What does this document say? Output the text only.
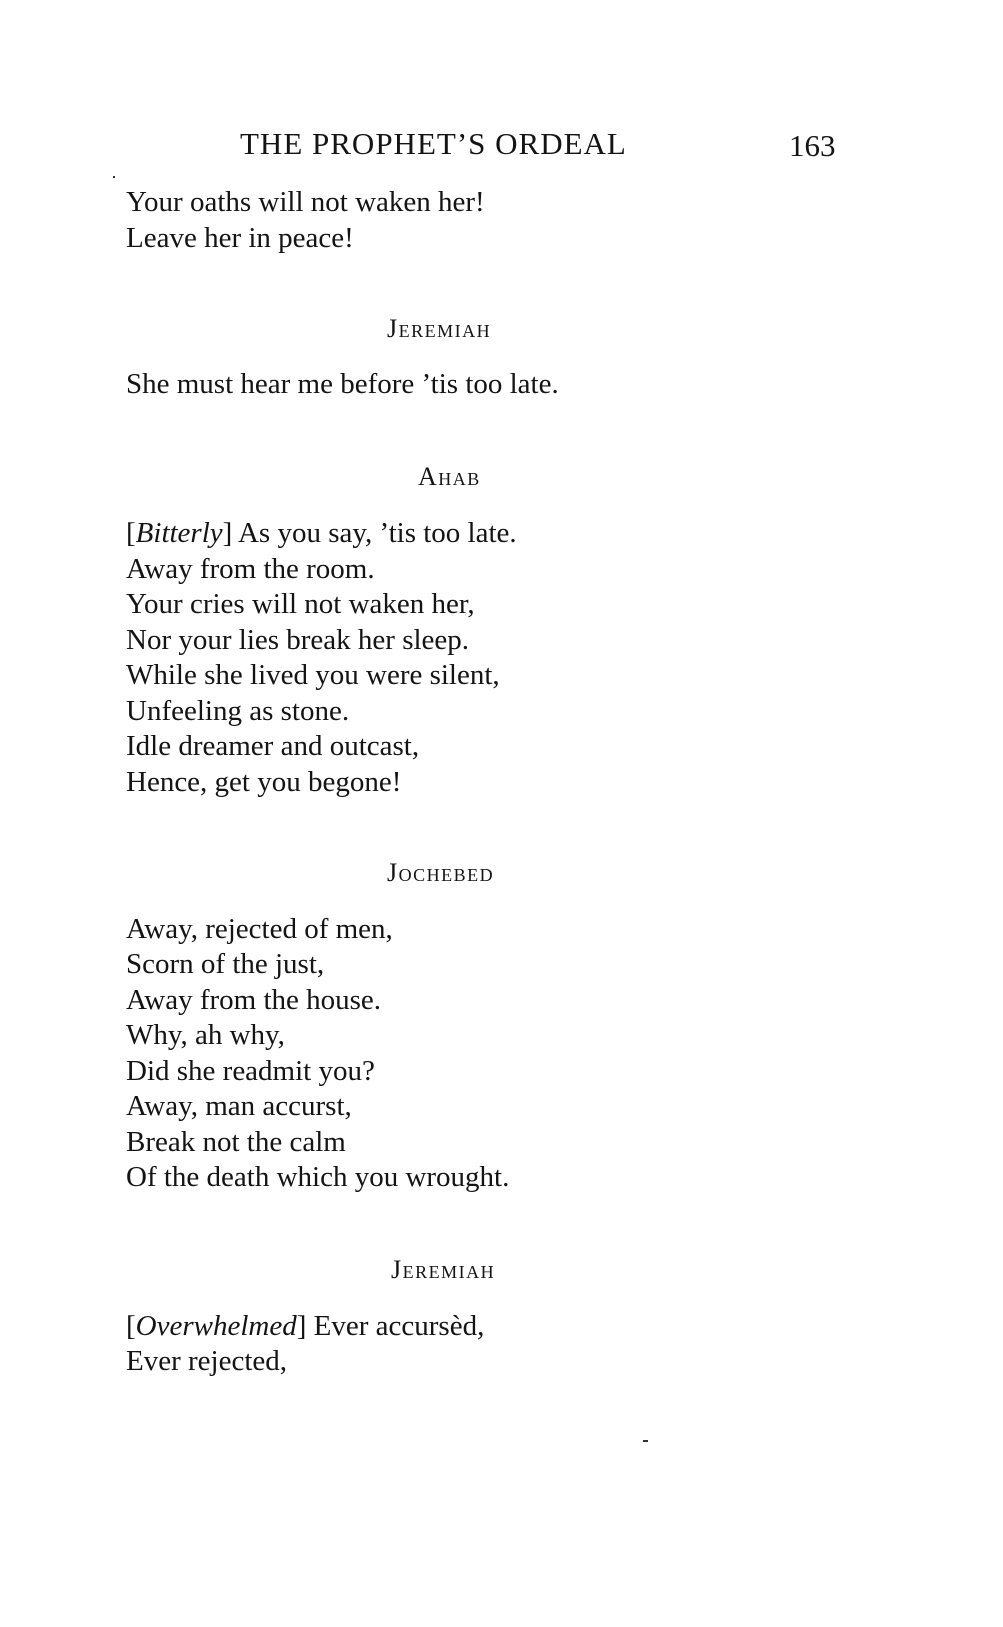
THE PROPHET’S ORDEAL	163
Your oaths will not waken her!
Leave her in peace!
Jeremiah
She must hear me before ’tis too late.
Ahab
[Bitterly] As you say, ’tis too late.
Away from the room.
Your cries will not waken her,
Nor your lies break her sleep.
While she lived you were silent,
Unfeeling as stone.
Idle dreamer and outcast,
Hence, get you begone!
Jochebed
Away, rejected of men,
Scorn of the just,
Away from the house.
Why, ah why,
Did she readmit you?
Away, man accurst,
Break not the calm
Of the death which you wrought.
Jeremiah
[Overwhelmed] Ever accursèd,
Ever rejected,
